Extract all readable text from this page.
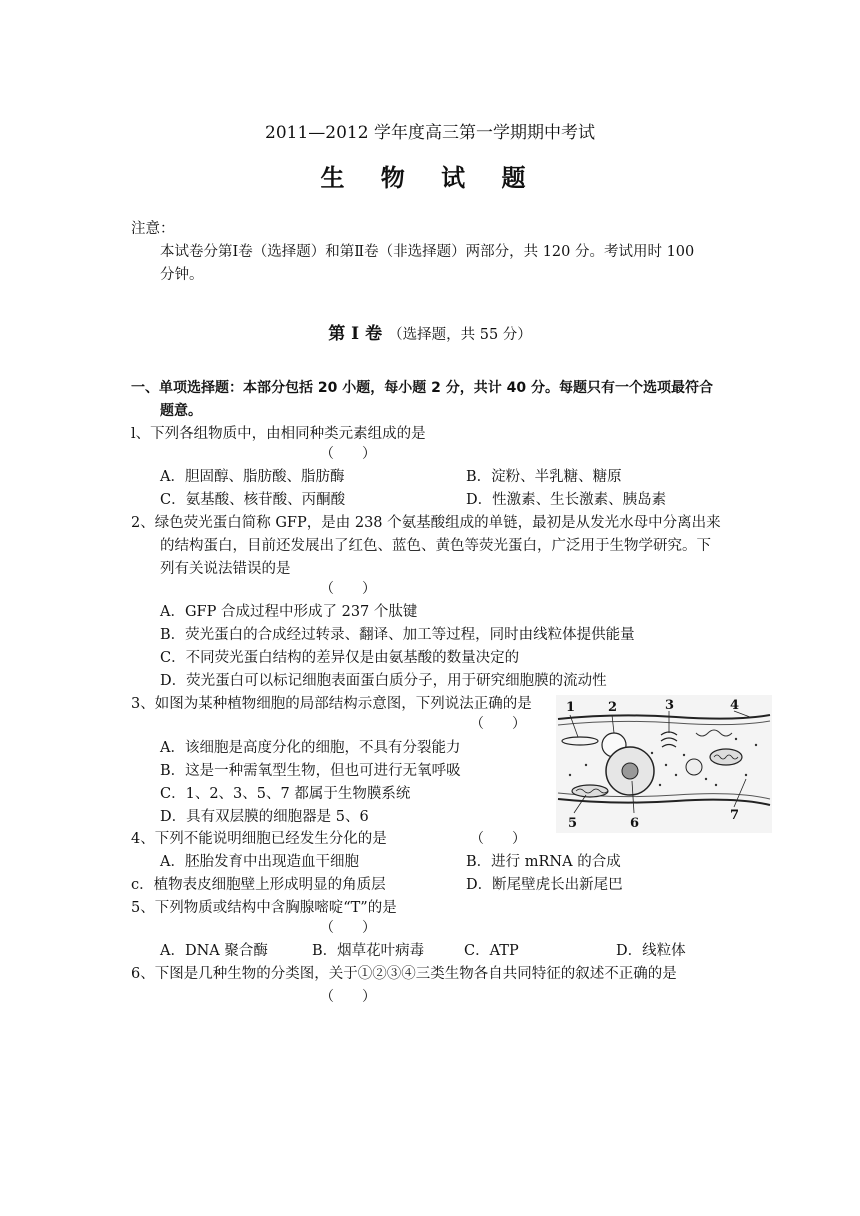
2011—2012 学年度高三第一学期期中考试
生 物 试 题
注意：
本试卷分第Ⅰ卷（选择题）和第Ⅱ卷（非选择题）两部分，共 120 分。考试用时 100
分钟。
第Ⅰ卷（选择题，共 55 分）
一、单项选择题：本部分包括 20 小题，每小题 2 分，共计 40 分。每题只有一个选项最符合
题意。
l、下列各组物质中，由相同种类元素组成的是
（　　）
A．胆固醇、脂肪酸、脂肪酶	B．淀粉、半乳糖、糖原
C．氨基酸、核苷酸、丙酮酸	D．性激素、生长激素、胰岛素
2、绿色荧光蛋白简称 GFP，是由 238 个氨基酸组成的单链，最初是从发光水母中分离出来
的结构蛋白，目前还发展出了红色、蓝色、黄色等荧光蛋白，广泛用于生物学研究。下
列有关说法错误的是
（　　）
A．GFP 合成过程中形成了 237 个肽键
B．荧光蛋白的合成经过转录、翻译、加工等过程，同时由线粒体提供能量
C．不同荧光蛋白结构的差异仅是由氨基酸的数量决定的
D．荧光蛋白可以标记细胞表面蛋白质分子，用于研究细胞膜的流动性
3、如图为某种植物细胞的局部结构示意图，下列说法正确的是
（　　）
A．该细胞是高度分化的细胞，不具有分裂能力
B．这是一种需氧型生物，但也可进行无氧呼吸
C．1、2、3、5、7 都属于生物膜系统
D．具有双层膜的细胞器是 5、6
1	2	3	4
5	6
7
4、下列不能说明细胞已经发生分化的是	（　　）
A．胚胎发育中出现造血干细胞	B．进行 mRNA 的合成
c．植物表皮细胞壁上形成明显的角质层	D．断尾壁虎长出新尾巴
5、下列物质或结构中含胸腺嘧啶“T”的是
（　　）
A．DNA 聚合酶	B．烟草花叶病毒	C．ATP	D．线粒体
6、下图是几种生物的分类图，关于①②③④三类生物各自共同特征的叙述不正确的是
（　　）
